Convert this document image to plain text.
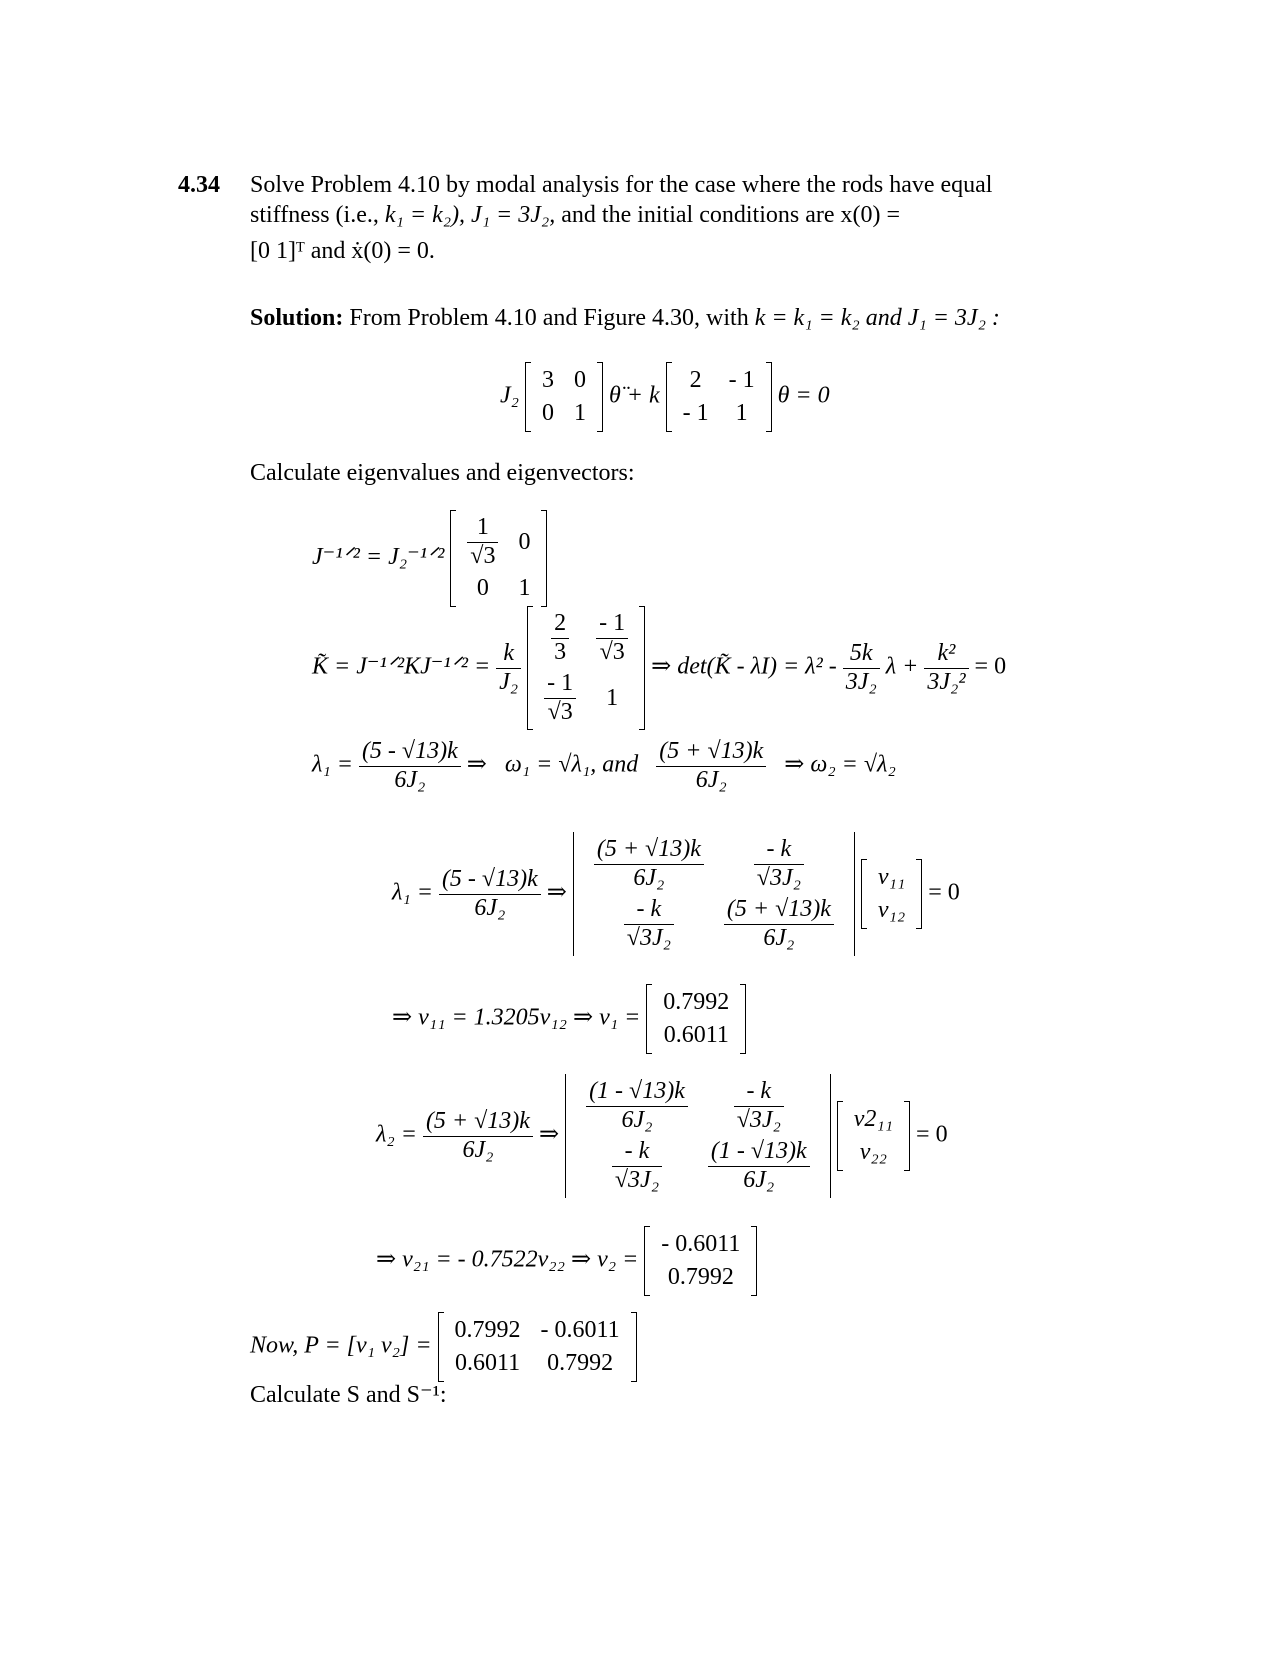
4.34 Solve Problem 4.10 by modal analysis for the case where the rods have equal
stiffness (i.e., k₁ = k₂), J₁ = 3J₂, and the initial conditions are x(0) =
[0 1]ᵀ and ẋ(0) = 0.
Solution: From Problem 4.10 and Figure 4.30, with k = k₁ = k₂ and J₁ = 3J₂ :
J₂
3	0
0	1
θ̈ + k
2	- 1
- 1	1
θ = 0
Calculate eigenvalues and eigenvectors:
J⁻¹ᐟ² = J₂⁻¹ᐟ² $\frac{1}{√3}$	0
0	1
K̃ = J⁻¹ᐟ²KJ⁻¹ᐟ² = $\frac{k}{\text{J₂}}$

$\frac{2}{3}$	$\frac{- 1}{√3}$

$\frac{- 1}{√3}$	1
⇒ det(K̃ - $\lambda I) = \lambda^2 - \frac{5k}{\text{3J₂}}$ $\lambda + \frac{\text{k²}}{\text{3J₂²}} = 0$
$\lambda_1 = \frac{(5 - √13)k}{\text{6J₂}}$ ⇒ ω₁ = √λ₁, and $\frac{(5 + √13)k}{\text{6J₂}}$ ⇒ ω₂ = √λ₂
$\lambda_1 = \frac{(5 - √13)k}{\text{6J₂}}$ ⇒
$\frac{(5 + √13)k}{\text{6J₂}}$	$\frac{- k}{\text{√3J₂}}$

$\frac{- k}{\text{√3J₂}}$	$\frac{(5 + √13)k}{\text{6J₂}}$

v₁₁
v₁₂
= 0
⇒ v₁₁ = 1.3205v₁₂ ⇒ v₁ =
0.7992
0.6011
$\lambda_2 = \frac{(5 + √13)k}{\text{6J₂}}$ ⇒
$\frac{(1 - √13)k}{\text{6J₂}}$	$\frac{- k}{\text{√3J₂}}$

$\frac{- k}{\text{√3J₂}}$	$\frac{(1 - √13)k}{\text{6J₂}}$

v2₁₁
v₂₂
= 0
⇒ v₂₁ = - 0.7522v₂₂ ⇒ v₂ =
- 0.6011
0.7992
Now, P = [v₁ v₂] =
0.7992	- 0.6011
0.6011	0.7992
Calculate S and S⁻¹:
